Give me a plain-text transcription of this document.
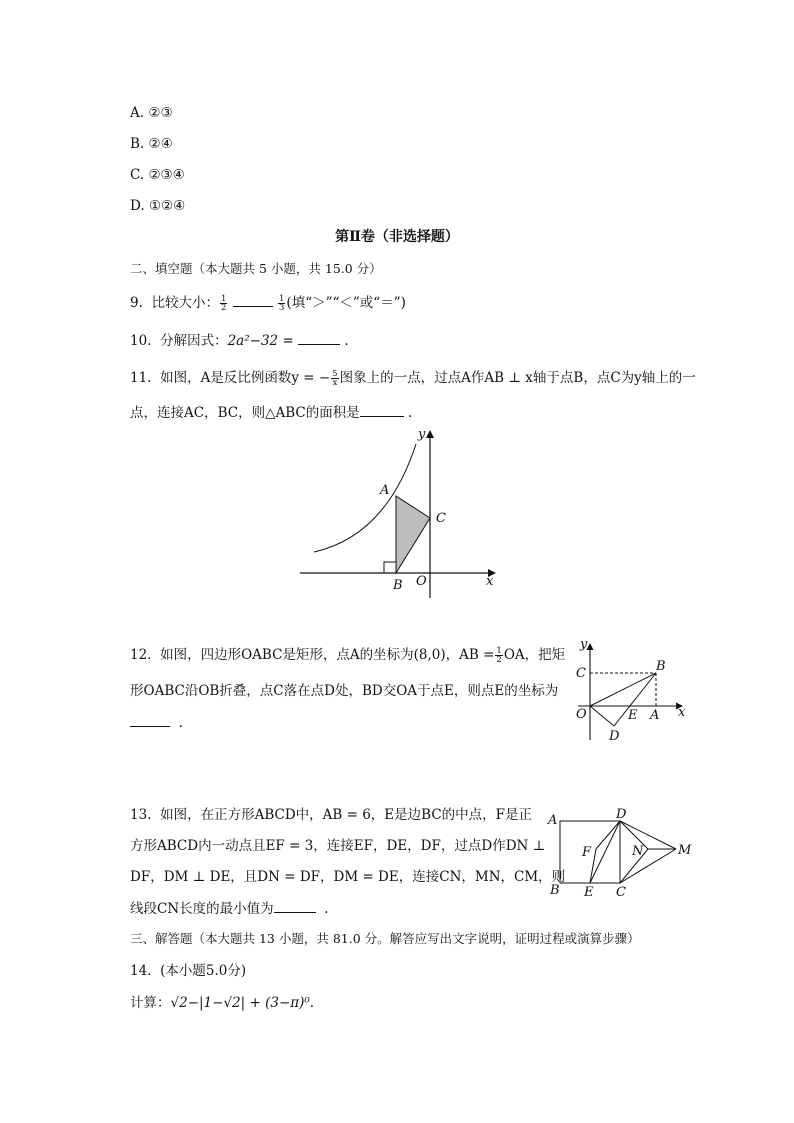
A. ②③
B. ②④
C. ②③④
D. ①②④
第Ⅱ卷（非选择题）
二、填空题（本大题共 5 小题，共 15.0 分）
9. 比较大小： $\frac{1}{2}$
	$\frac{1}{3}$ (填“＞”“＜”或“＝”)
10. 分解因式：2a²−32 =	.
11. 如图，A是反比例函数y = − $\frac{5}{x}$ 图象上的一点，过点A作AB ⊥ x轴于点B，点C为y轴上的一
点，连接AC，BC，则△ABC的面积是	.
A
B
C
O	x
y
12. 如图，四边形OABC是矩形，点A的坐标为(8,0)，AB = $\frac{1}{2}$ OA，把矩
形OABC沿OB折叠，点C落在点D处，BD交OA于点E，则点E的坐标为
.
y
x
B
C
O	E A
D
13. 如图，在正方形ABCD中，AB = 6，E是边BC的中点，F是正
方形ABCD内一动点且EF = 3，连接EF，DE，DF，过点D作DN ⊥
DF，DM ⊥ DE，且DN = DF，DM = DE，连接CN，MN，CM，则
线段CN长度的最小值为	.
A	D
M
F	N
B E C
三、解答题（本大题共 13 小题，共 81.0 分。解答应写出文字说明，证明过程或演算步骤）
14. (本小题5.0分)
计算：√2−|1−√2| + (3−π)⁰.
